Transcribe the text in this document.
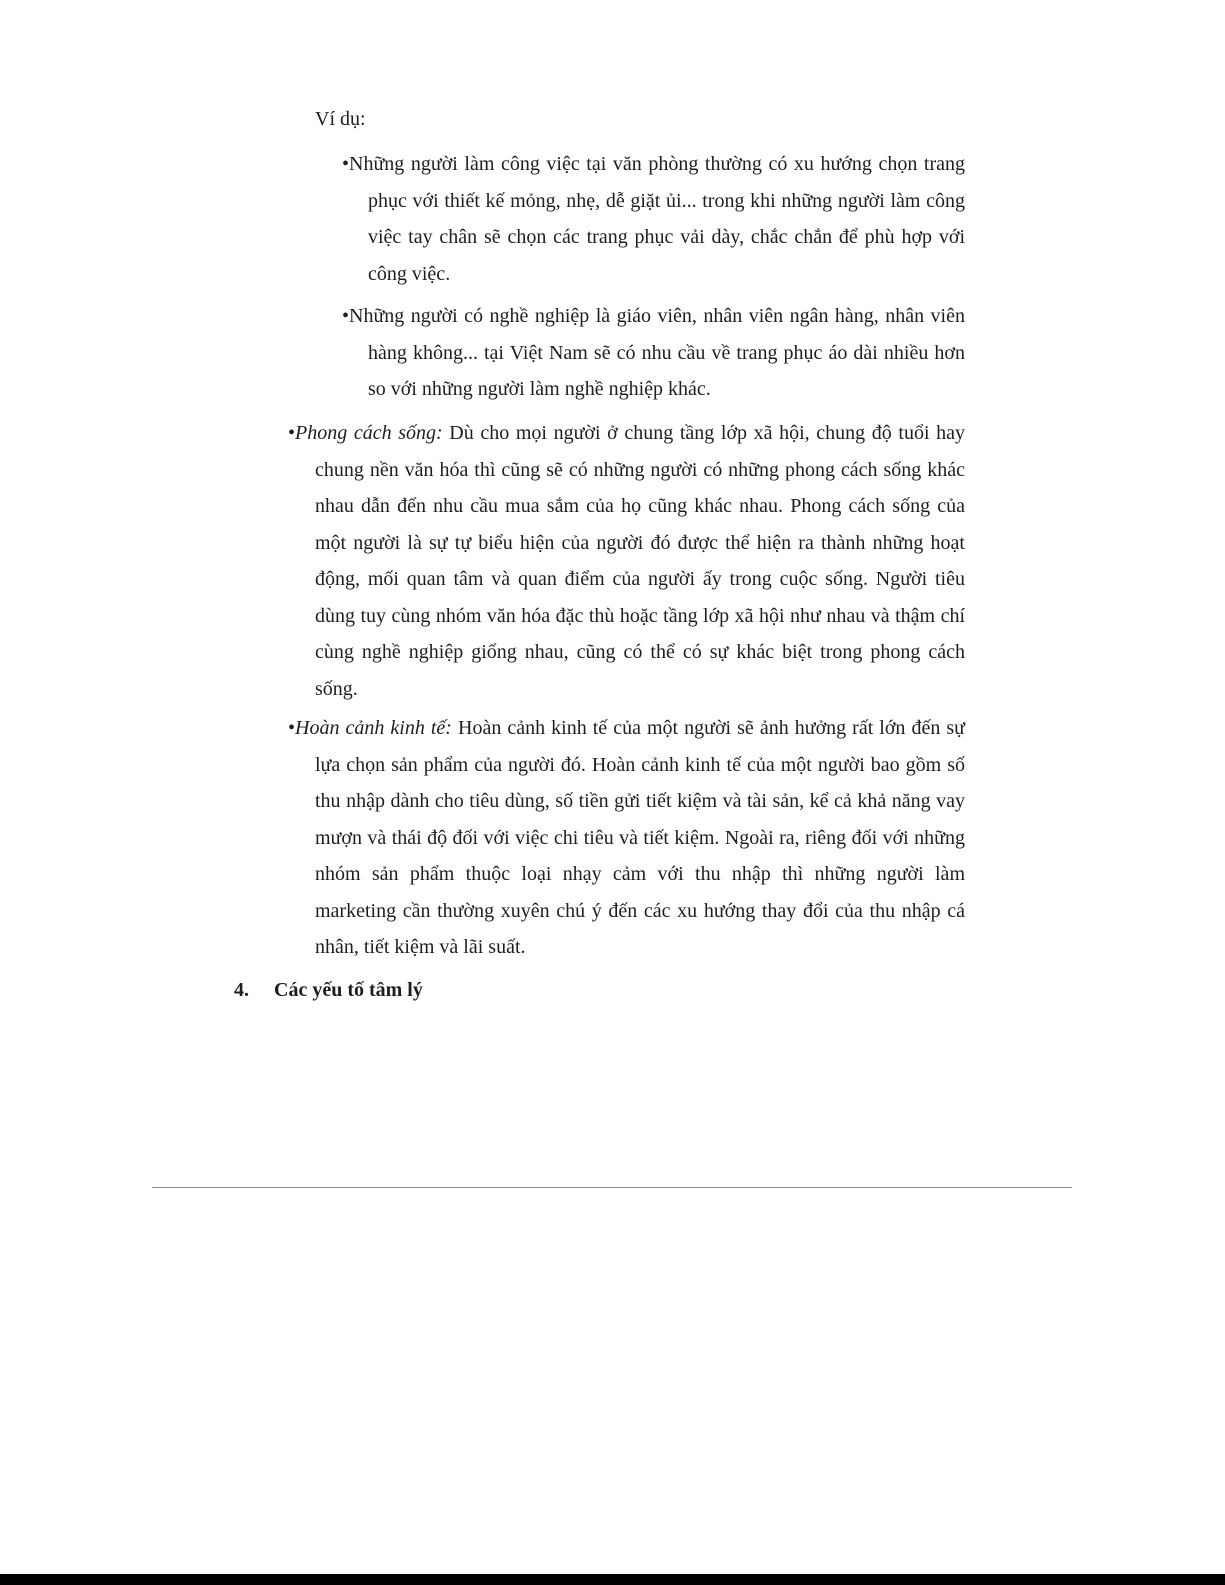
Ví dụ:

•Những người làm công việc tại văn phòng thường có xu hướng chọn trang phục với thiết kế mỏng, nhẹ, dễ giặt ủi... trong khi những người làm công việc tay chân sẽ chọn các trang phục vải dày, chắc chắn để phù hợp với công việc.

•Những người có nghề nghiệp là giáo viên, nhân viên ngân hàng, nhân viên hàng không... tại Việt Nam sẽ có nhu cầu về trang phục áo dài nhiều hơn so với những người làm nghề nghiệp khác.

•Phong cách sống: Dù cho mọi người ở chung tầng lớp xã hội, chung độ tuổi hay chung nền văn hóa thì cũng sẽ có những người có những phong cách sống khác nhau dẫn đến nhu cầu mua sắm của họ cũng khác nhau. Phong cách sống của một người là sự tự biểu hiện của người đó được thể hiện ra thành những hoạt động, mối quan tâm và quan điểm của người ấy trong cuộc sống. Người tiêu dùng tuy cùng nhóm văn hóa đặc thù hoặc tầng lớp xã hội như nhau và thậm chí cùng nghề nghiệp giống nhau, cũng có thể có sự khác biệt trong phong cách sống.

•Hoàn cảnh kinh tế: Hoàn cảnh kinh tế của một người sẽ ảnh hưởng rất lớn đến sự lựa chọn sản phẩm của người đó. Hoàn cảnh kinh tế của một người bao gồm số thu nhập dành cho tiêu dùng, số tiền gửi tiết kiệm và tài sản, kể cả khả năng vay mượn và thái độ đối với việc chi tiêu và tiết kiệm. Ngoài ra, riêng đối với những nhóm sản phẩm thuộc loại nhạy cảm với thu nhập thì những người làm marketing cần thường xuyên chú ý đến các xu hướng thay đổi của thu nhập cá nhân, tiết kiệm và lãi suất.

4. Các yếu tố tâm lý
